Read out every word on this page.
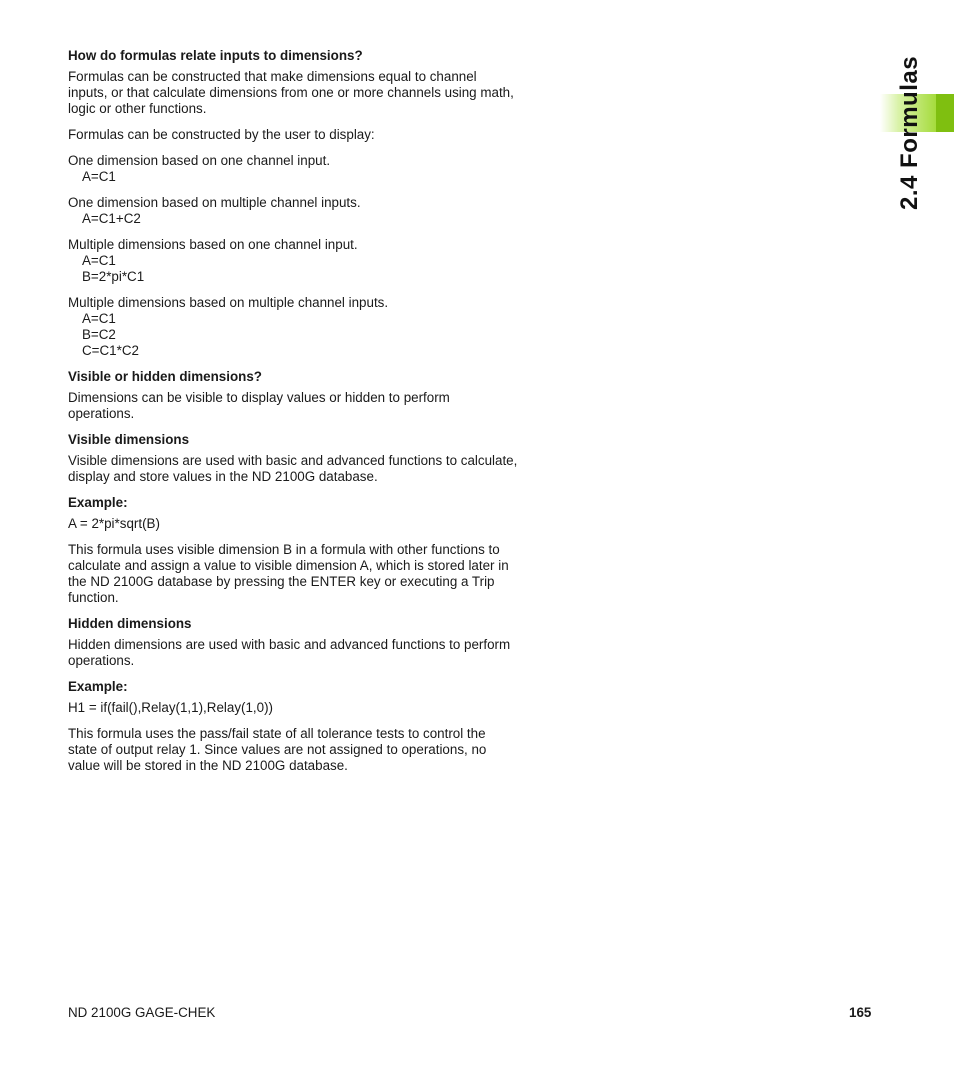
2.4 Formulas
How do formulas relate inputs to dimensions?

Formulas can be constructed that make dimensions equal to channel inputs, or that calculate dimensions from one or more channels using math, logic or other functions.

Formulas can be constructed by the user to display:

One dimension based on one channel input.
A=C1
One dimension based on multiple channel inputs.
A=C1+C2
Multiple dimensions based on one channel input.
A=C1
B=2*pi*C1
Multiple dimensions based on multiple channel inputs.
A=C1
B=C2
C=C1*C2
Visible or hidden dimensions?

Dimensions can be visible to display values or hidden to perform operations.

Visible dimensions

Visible dimensions are used with basic and advanced functions to calculate, display and store values in the ND 2100G database.

Example:

A = 2*pi*sqrt(B)

This formula uses visible dimension B in a formula with other functions to calculate and assign a value to visible dimension A, which is stored later in the ND 2100G database by pressing the ENTER key or executing a Trip function.

Hidden dimensions

Hidden dimensions are used with basic and advanced functions to perform operations.

Example:

H1 = if(fail(),Relay(1,1),Relay(1,0))

This formula uses the pass/fail state of all tolerance tests to control the state of output relay 1. Since values are not assigned to operations, no value will be stored in the ND 2100G database.

ND 2100G GAGE-CHEK	165
